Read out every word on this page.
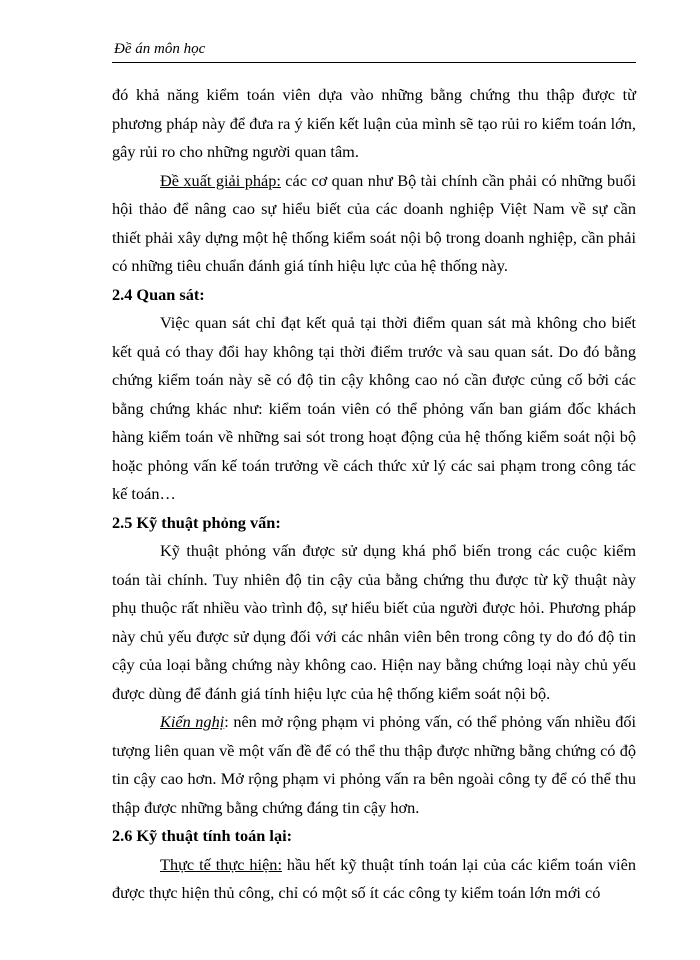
Đề án môn học

đó khả năng kiểm toán viên dựa vào những bằng chứng thu thập được từ phương pháp này để đưa ra ý kiến kết luận của mình sẽ tạo rủi ro kiểm toán lớn, gây rủi ro cho những người quan tâm.

Đề xuất giải pháp: các cơ quan như Bộ tài chính cần phải có những buổi hội thảo để nâng cao sự hiểu biết của các doanh nghiệp Việt Nam về sự cần thiết phải xây dựng một hệ thống kiểm soát nội bộ trong doanh nghiệp, cần phải có những tiêu chuẩn đánh giá tính hiệu lực của hệ thống này.

2.4 Quan sát:

Việc quan sát chỉ đạt kết quả tại thời điểm quan sát mà không cho biết kết quả có thay đổi hay không tại thời điểm trước và sau quan sát. Do đó bằng chứng kiểm toán này sẽ có độ tin cậy không cao nó cần được củng cố bởi các bằng chứng khác như: kiểm toán viên có thể phỏng vấn ban giám đốc khách hàng kiểm toán về những sai sót trong hoạt động của hệ thống kiểm soát nội bộ hoặc phỏng vấn kế toán trưởng về cách thức xử lý các sai phạm trong công tác kế toán…

2.5 Kỹ thuật phỏng vấn:

Kỹ thuật phỏng vấn được sử dụng khá phổ biến trong các cuộc kiểm toán tài chính. Tuy nhiên độ tin cậy của bằng chứng thu được từ kỹ thuật này phụ thuộc rất nhiều vào trình độ, sự hiểu biết của người được hỏi. Phương pháp này chủ yếu được sử dụng đối với các nhân viên bên trong công ty do đó độ tin cậy của loại bằng chứng này không cao. Hiện nay bằng chứng loại này chủ yếu được dùng để đánh giá tính hiệu lực của hệ thống kiểm soát nội bộ.

Kiến nghị: nên mở rộng phạm vi phỏng vấn, có thể phỏng vấn nhiều đối tượng liên quan về một vấn đề để có thể thu thập được những bằng chứng có độ tin cậy cao hơn. Mở rộng phạm vi phỏng vấn ra bên ngoài công ty để có thể thu thập được những bằng chứng đáng tin cậy hơn.

2.6 Kỹ thuật tính toán lại:

Thực tế thực hiện: hầu hết kỹ thuật tính toán lại của các kiểm toán viên được thực hiện thủ công, chỉ có một số ít các công ty kiểm toán lớn mới có
